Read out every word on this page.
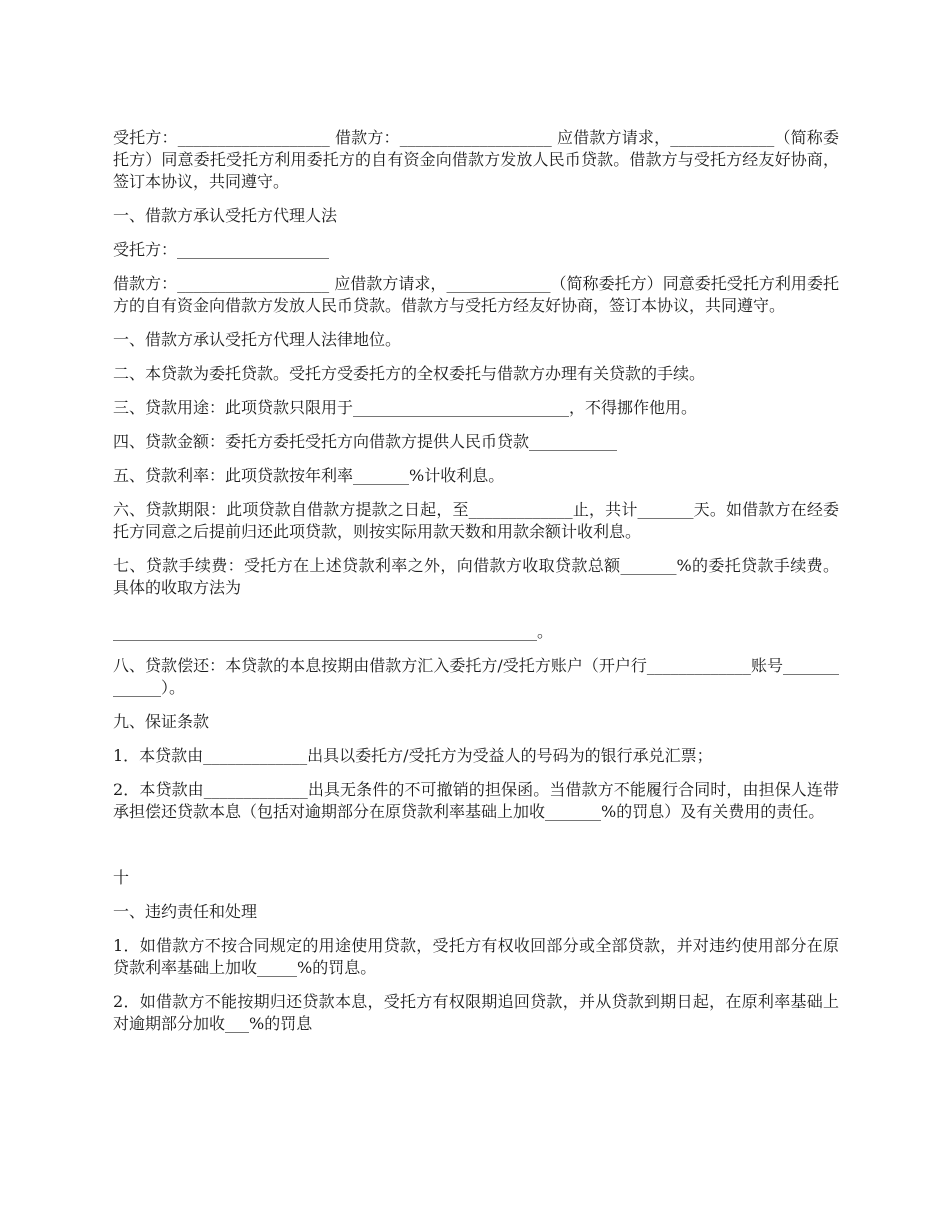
受托方：___________________ 借款方：___________________ 应借款方请求，_____________（简称委托方）同意委托受托方利用委托方的自有资金向借款方发放人民币贷款。借款方与受托方经友好协商，签订本协议，共同遵守。

一、借款方承认受托方代理人法

受托方：___________________

借款方：___________________ 应借款方请求，_____________（简称委托方）同意委托受托方利用委托方的自有资金向借款方发放人民币贷款。借款方与受托方经友好协商，签订本协议，共同遵守。

一、借款方承认受托方代理人法律地位。

二、本贷款为委托贷款。受托方受委托方的全权委托与借款方办理有关贷款的手续。

三、贷款用途：此项贷款只限用于___________________________，不得挪作他用。

四、贷款金额：委托方委托受托方向借款方提供人民币贷款___________

五、贷款利率：此项贷款按年利率_______%计收利息。

六、贷款期限：此项贷款自借款方提款之日起，至_____________止，共计_______天。如借款方在经委托方同意之后提前归还此项贷款，则按实际用款天数和用款余额计收利息。

七、贷款手续费：受托方在上述贷款利率之外，向借款方收取贷款总额_______%的委托贷款手续费。具体的收取方法为

_____________________________________________________。

八、贷款偿还：本贷款的本息按期由借款方汇入委托方/受托方账户（开户行_____________账号_____________）。

九、保证条款

1．本贷款由_____________出具以委托方/受托方为受益人的号码为的银行承兑汇票；

2．本贷款由_____________出具无条件的不可撤销的担保函。当借款方不能履行合同时，由担保人连带承担偿还贷款本息（包括对逾期部分在原贷款利率基础上加收_______%的罚息）及有关费用的责任。

十

一、违约责任和处理

1．如借款方不按合同规定的用途使用贷款，受托方有权收回部分或全部贷款，并对违约使用部分在原贷款利率基础上加收_____%的罚息。

2．如借款方不能按期归还贷款本息，受托方有权限期追回贷款，并从贷款到期日起，在原利率基础上对逾期部分加收___%的罚息
